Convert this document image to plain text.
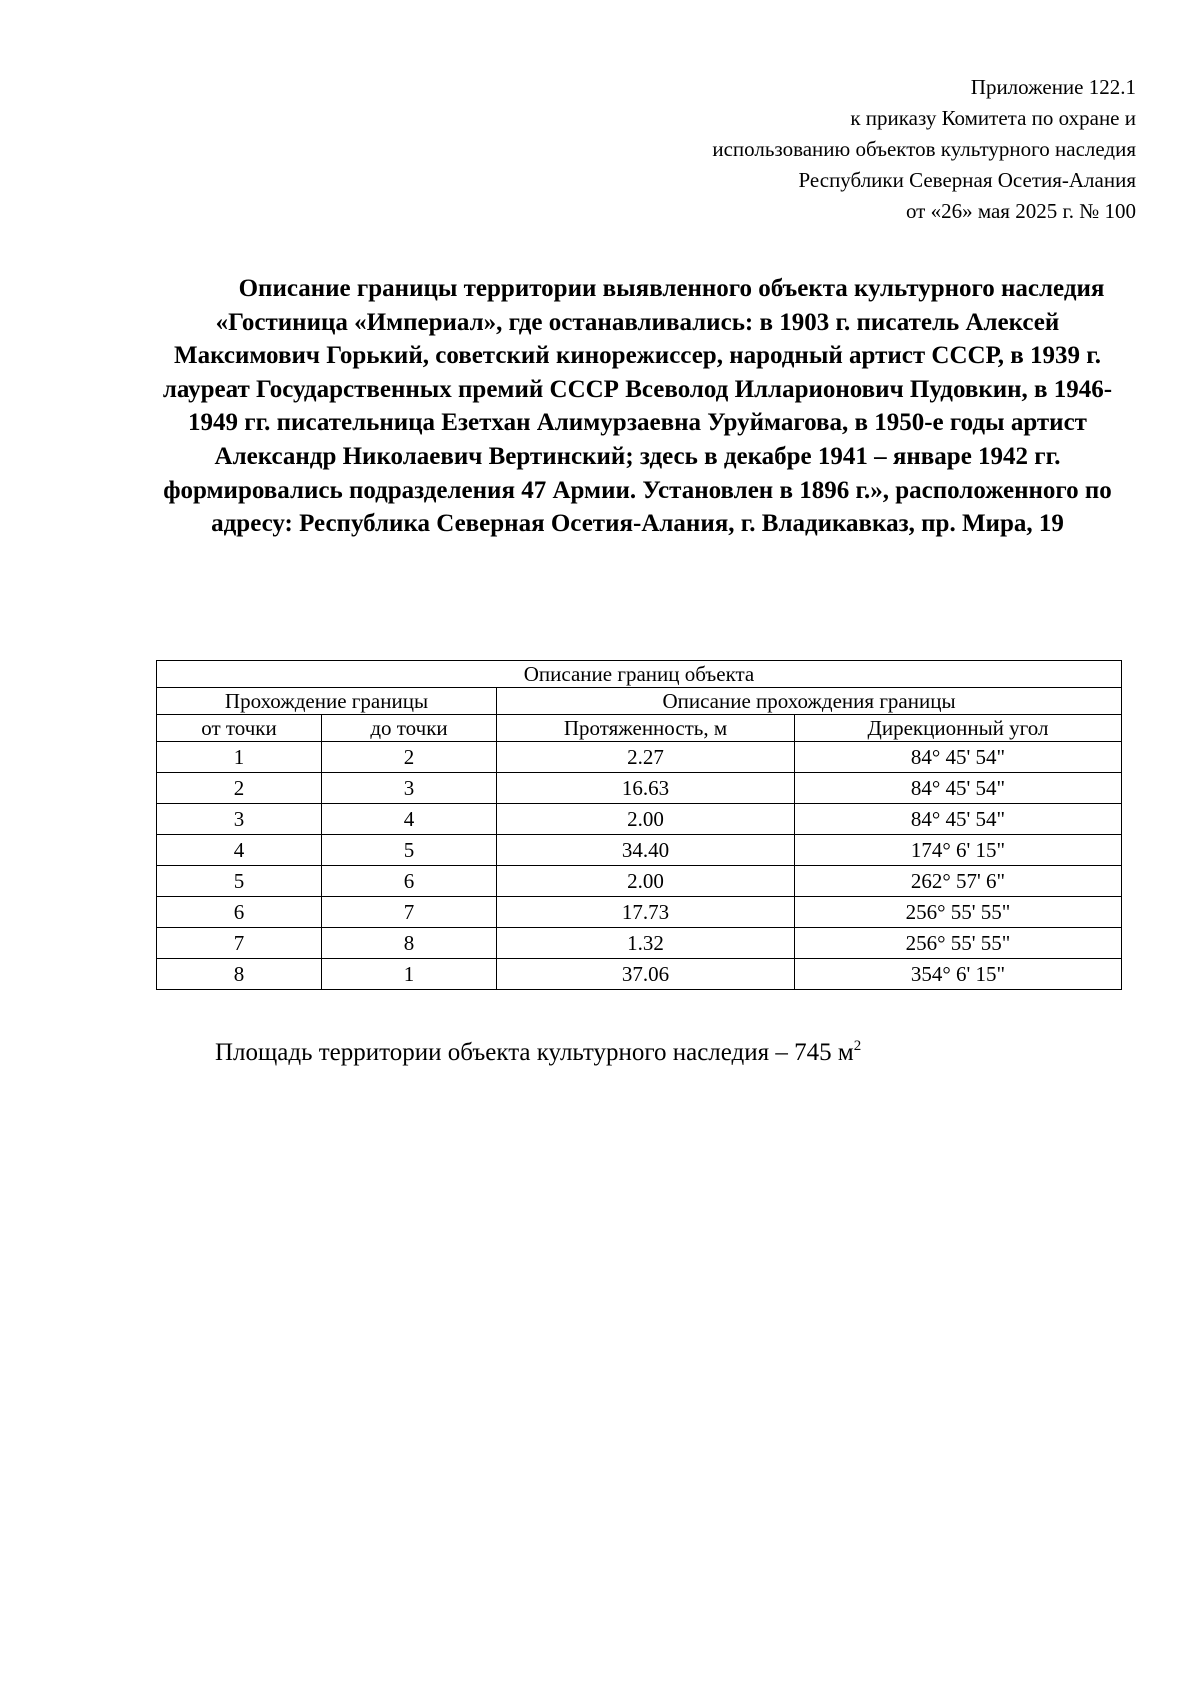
Приложение 122.1
к приказу Комитета по охране и
использованию объектов культурного наследия
Республики Северная Осетия-Алания
от «26» мая 2025 г. № 100

Описание границы территории выявленного объекта культурного наследия «Гостиница «Империал», где останавливались: в 1903 г. писатель Алексей Максимович Горький, советский кинорежиссер, народный артист СССР, в 1939 г. лауреат Государственных премий СССР Всеволод Илларионович Пудовкин, в 1946-1949 гг. писательница Езетхан Алимурзаевна Уруймагова, в 1950-е годы артист Александр Николаевич Вертинский; здесь в декабре 1941 – январе 1942 гг. формировались подразделения 47 Армии. Установлен в 1896 г.», расположенного по адресу: Республика Северная Осетия-Алания, г. Владикавказ, пр. Мира, 19

Описание границ объекта			
Прохождение границы		Описание прохождения границы	
от точки	до точки	Протяженность, м	Дирекционный угол
1	2	2.27	84° 45' 54"
2	3	16.63	84° 45' 54"
3	4	2.00	84° 45' 54"
4	5	34.40	174° 6' 15"
5	6	2.00	262° 57' 6"
6	7	17.73	256° 55' 55"
7	8	1.32	256° 55' 55"
8	1	37.06	354° 6' 15"
Площадь территории объекта культурного наследия – 745 $м^2$
